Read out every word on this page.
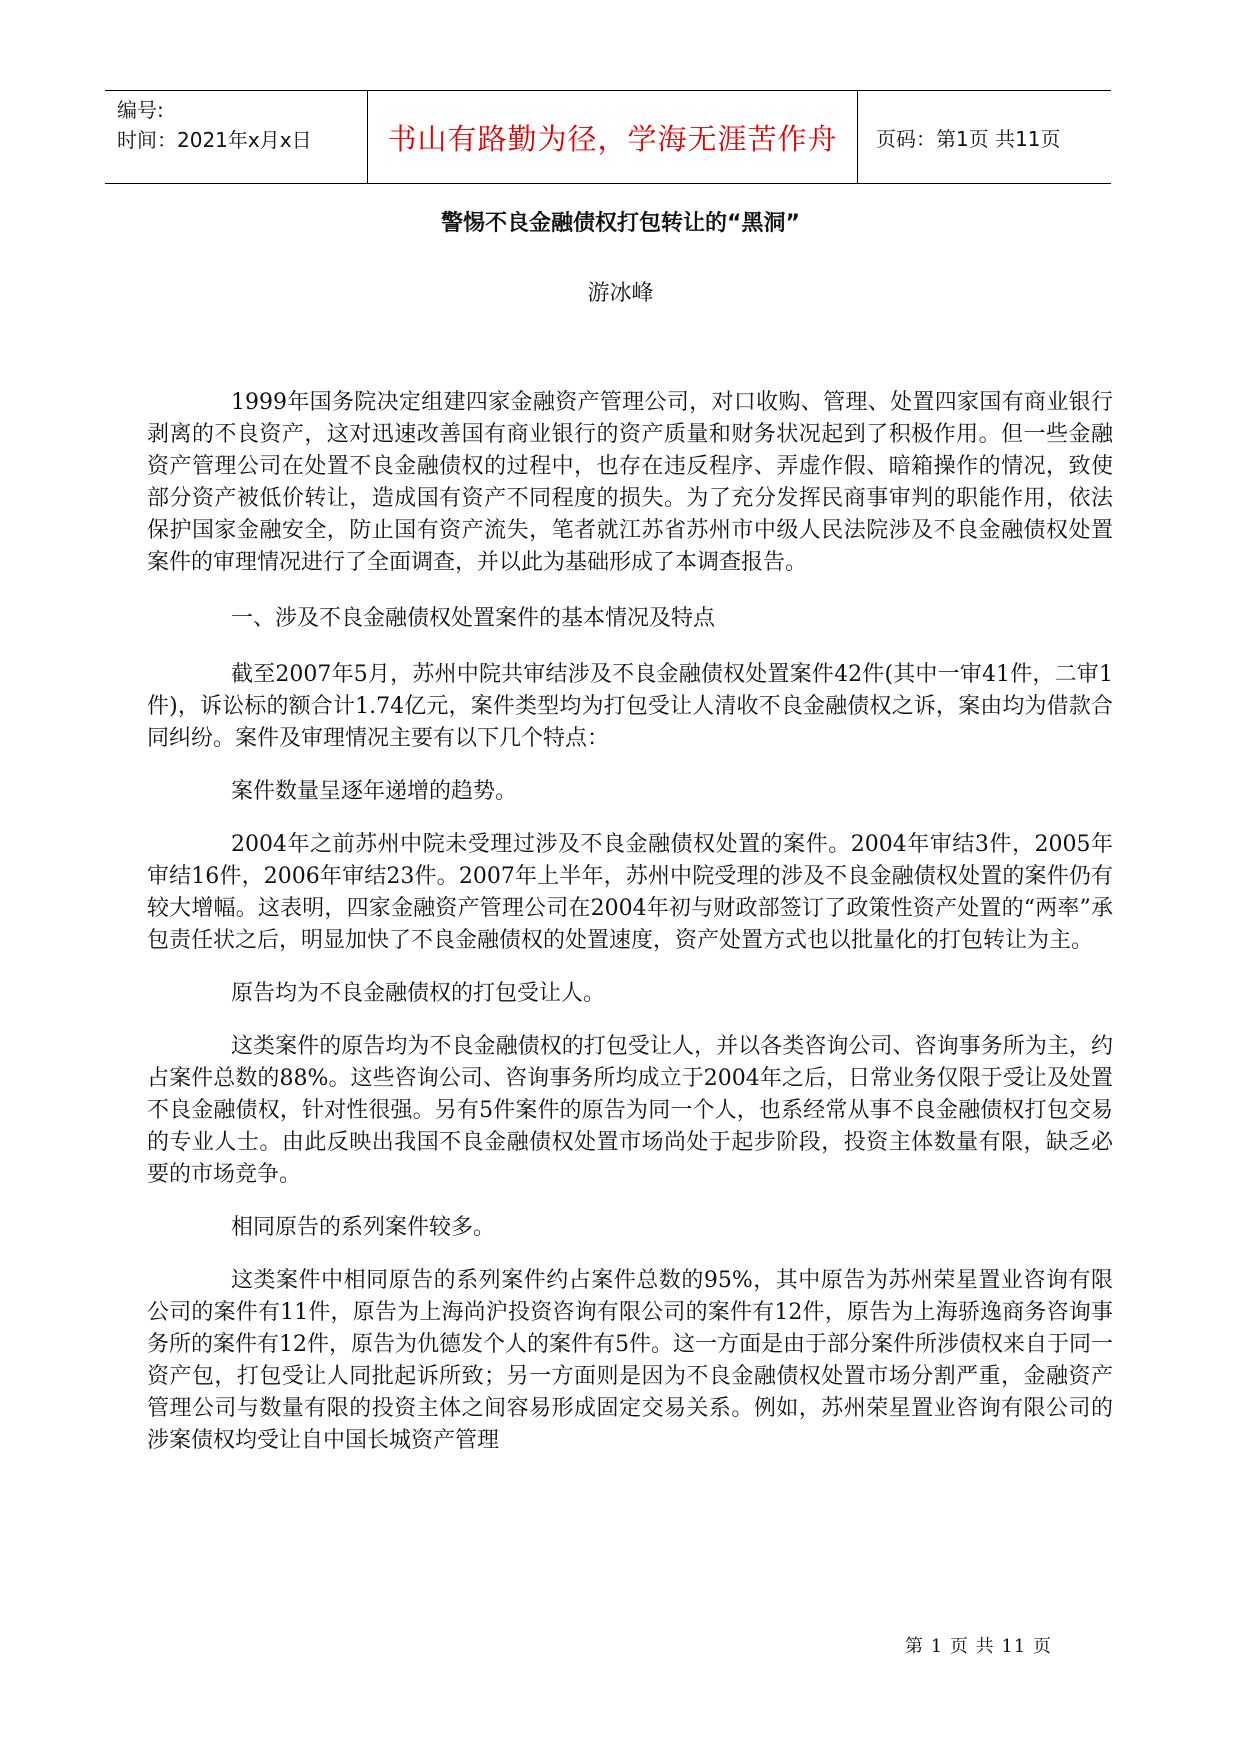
编号:
时间：2021年x月x日	书山有路勤为径，学海无涯苦作舟	页码：第1页 共11页
警惕不良金融债权打包转让的“黑洞”
游冰峰

1999年国务院决定组建四家金融资产管理公司，对口收购、管理、处置四家国有商业银行剥离的不良资产，这对迅速改善国有商业银行的资产质量和财务状况起到了积极作用。但一些金融资产管理公司在处置不良金融债权的过程中，也存在违反程序、弄虚作假、暗箱操作的情况，致使部分资产被低价转让，造成国有资产不同程度的损失。为了充分发挥民商事审判的职能作用，依法保护国家金融安全，防止国有资产流失，笔者就江苏省苏州市中级人民法院涉及不良金融债权处置案件的审理情况进行了全面调查，并以此为基础形成了本调查报告。

一、涉及不良金融债权处置案件的基本情况及特点

截至2007年5月，苏州中院共审结涉及不良金融债权处置案件42件(其中一审41件，二审1件)，诉讼标的额合计1.74亿元，案件类型均为打包受让人清收不良金融债权之诉，案由均为借款合同纠纷。案件及审理情况主要有以下几个特点：

案件数量呈逐年递增的趋势。

2004年之前苏州中院未受理过涉及不良金融债权处置的案件。2004年审结3件，2005年审结16件，2006年审结23件。2007年上半年，苏州中院受理的涉及不良金融债权处置的案件仍有较大增幅。这表明，四家金融资产管理公司在2004年初与财政部签订了政策性资产处置的“两率”承包责任状之后，明显加快了不良金融债权的处置速度，资产处置方式也以批量化的打包转让为主。

原告均为不良金融债权的打包受让人。

这类案件的原告均为不良金融债权的打包受让人，并以各类咨询公司、咨询事务所为主，约占案件总数的88%。这些咨询公司、咨询事务所均成立于2004年之后，日常业务仅限于受让及处置不良金融债权，针对性很强。另有5件案件的原告为同一个人，也系经常从事不良金融债权打包交易的专业人士。由此反映出我国不良金融债权处置市场尚处于起步阶段，投资主体数量有限，缺乏必要的市场竞争。

相同原告的系列案件较多。

这类案件中相同原告的系列案件约占案件总数的95%，其中原告为苏州荣星置业咨询有限公司的案件有11件，原告为上海尚沪投资咨询有限公司的案件有12件，原告为上海骄逸商务咨询事务所的案件有12件，原告为仇德发个人的案件有5件。这一方面是由于部分案件所涉债权来自于同一资产包，打包受让人同批起诉所致；另一方面则是因为不良金融债权处置市场分割严重，金融资产管理公司与数量有限的投资主体之间容易形成固定交易关系。例如，苏州荣星置业咨询有限公司的涉案债权均受让自中国长城资产管理

第 1 页 共 11 页
